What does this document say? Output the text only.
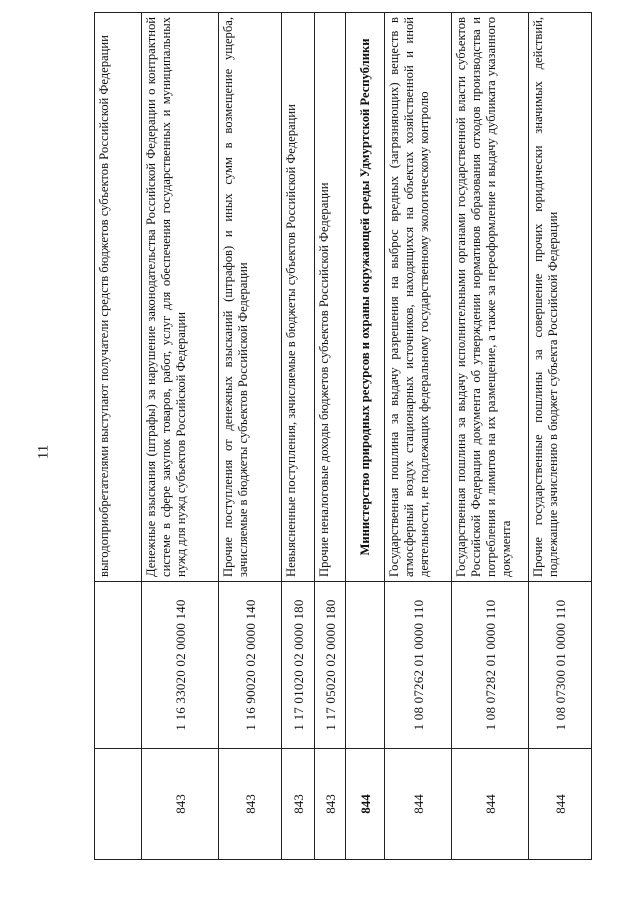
11
			выгодоприобретателями выступают получатели средств бюджетов субъектов Российской Федерации
843	1 16 33020 02 0000 140	Денежные взыскания (штрафы) за нарушение законодательства Российской Федерации о контрактной системе в сфере закупок товаров, работ, услуг для обеспечения государственных и муниципальных нужд для нужд субъектов Российской Федерации
843	1 16 90020 02 0000 140	Прочие поступления от денежных взысканий (штрафов) и иных сумм в возмещение ущерба, зачисляемые в бюджеты субъектов Российской Федерации
843	1 17 01020 02 0000 180	Невыясненные поступления, зачисляемые в бюджеты субъектов Российской Федерации
843	1 17 05020 02 0000 180	Прочие неналоговые доходы бюджетов субъектов Российской Федерации
844		Министерство природных ресурсов и охраны окружающей среды Удмуртской Республики
844	1 08 07262 01 0000 110	Государственная пошлина за выдачу разрешения на выброс вредных (загрязняющих) веществ в атмосферный воздух стационарных источников, находящихся на объектах хозяйственной и иной деятельности, не подлежащих федеральному государственному экологическому контролю
844	1 08 07282 01 0000 110	Государственная пошлина за выдачу исполнительными органами государственной власти субъектов Российской Федерации документа об утверждении нормативов образования отходов производства и потребления и лимитов на их размещение, а также за переоформление и выдачу дубликата указанного документа
844	1 08 07300 01 0000 110	Прочие государственные пошлины за совершение прочих юридически значимых действий, подлежащие зачислению в бюджет субъекта Российской Федерации
